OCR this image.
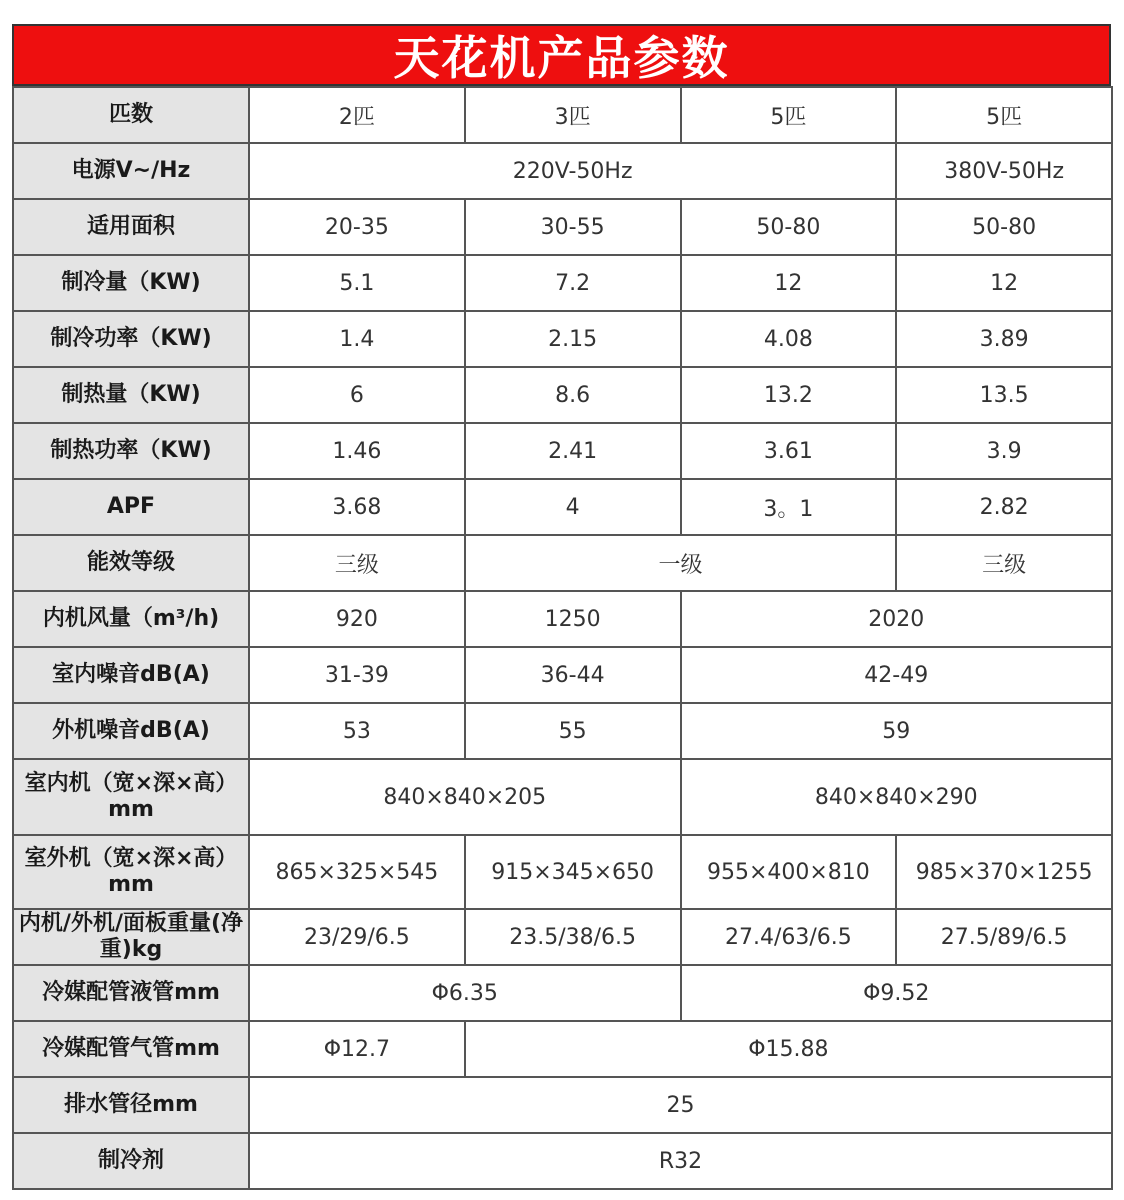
天花机产品参数
匹数	2匹	3匹	5匹	5匹
电源V~/Hz	220V-50Hz			380V-50Hz
适用面积	20-35	30-55	50-80	50-80
制冷量（KW)	5.1	7.2	12	12
制冷功率（KW)	1.4	2.15	4.08	3.89
制热量（KW)	6	8.6	13.2	13.5
制热功率（KW)	1.46	2.41	3.61	3.9
APF	3.68	4	3。1	2.82
能效等级	三级	一级		三级
内机风量（m³/h)	920	1250	2020	
室内噪音dB(A)	31-39	36-44	42-49	
外机噪音dB(A)	53	55	59	
室内机（宽×深×高）mm	840×840×205		840×840×290	
室外机（宽×深×高）mm	865×325×545	915×345×650	955×400×810	985×370×1255
内机/外机/面板重量(净重)kg	23/29/6.5	23.5/38/6.5	27.4/63/6.5	27.5/89/6.5
冷媒配管液管mm	Φ6.35		Φ9.52	
冷媒配管气管mm	Φ12.7	Φ15.88		
排水管径mm	25			
制冷剂	R32			
